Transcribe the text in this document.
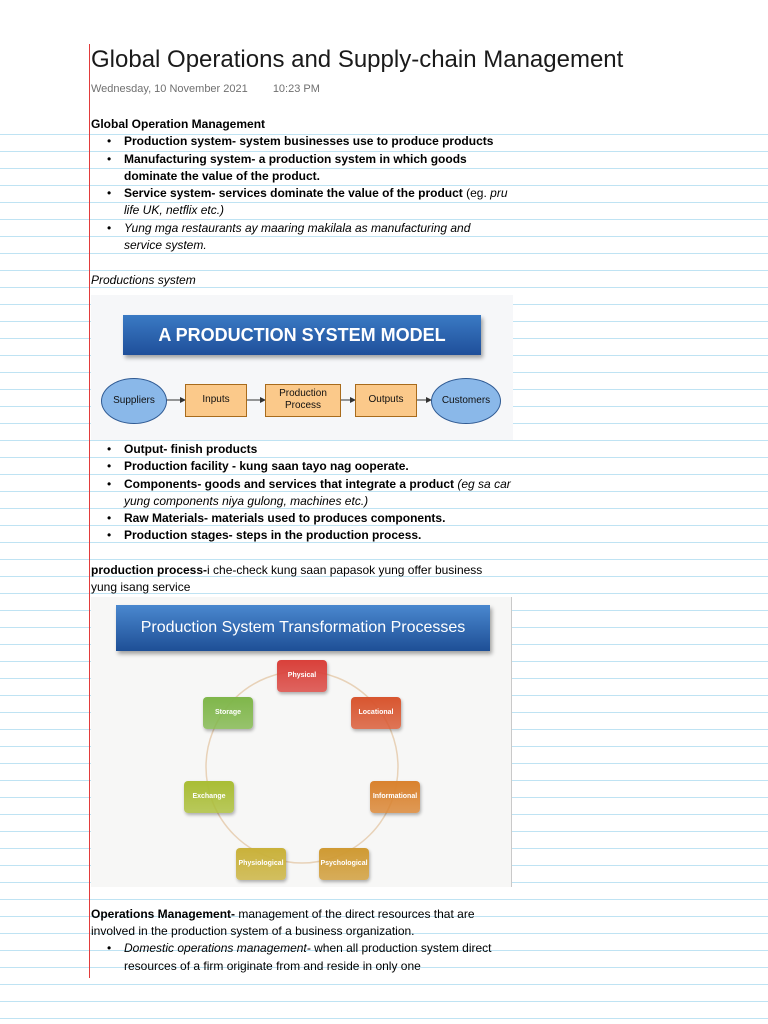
Global Operations and Supply-chain Management
Wednesday, 10 November 2021 10:23 PM

Global Operation Management

• Production system- system businesses use to produce products
• Manufacturing system- a production system in which goods dominate the value of the product.
• Service system- services dominate the value of the product (eg. pru life UK, netflix etc.)
• Yung mga restaurants ay maaring makilala as manufacturing and service system.

Productions system

A PRODUCTION SYSTEM MODEL
Suppliers	Inputs
Production Process
Outputs	Customers
• Output- finish products
• Production facility - kung saan tayo nag ooperate.
• Components- goods and services that integrate a product (eg sa car yung components niya gulong, machines etc.)
• Raw Materials- materials used to produces components.
• Production stages- steps in the production process.

production process-i che-check kung saan papasok yung offer business yung isang service

Production System Transformation Processes
Physical
Locational
Informational
Psychological
Physiological
Exchange
Storage

Operations Management- management of the direct resources that are involved in the production system of a business organization.

• Domestic operations management- when all production system direct resources of a firm originate from and reside in only one
